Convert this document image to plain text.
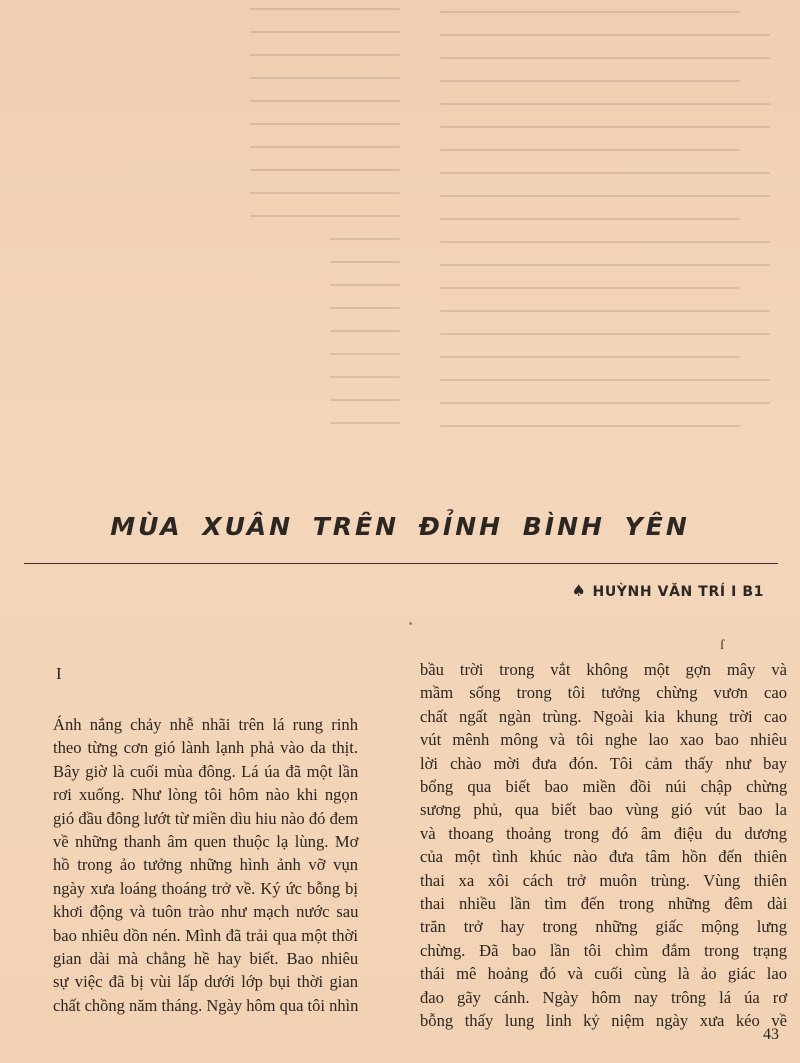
MÙA XUÂN TRÊN ĐỈNH BÌNH YÊN
♠ HUỲNH VĂN TRÍ I B1
ſ
I
Ánh nắng chảy nhễ nhãi trên lá rung rinh
theo từng cơn gió lành lạnh phả vào da thịt.
Bây giờ là cuối mùa đông. Lá úa đã một lần
rơi xuống. Như lòng tôi hôm nào khi ngọn
gió đầu đông lướt từ miền dìu hiu nào đó đem
về những thanh âm quen thuộc lạ lùng. Mơ
hồ trong ảo tưởng những hình ảnh vỡ vụn
ngày xưa loáng thoáng trở về. Ký ức bỗng bị
khơi động và tuôn trào như mạch nước sau
bao nhiêu dồn nén. Mình đã trải qua một thời
gian dài mà chẳng hề hay biết. Bao nhiêu
sự việc đã bị vùi lấp dưới lớp bụi thời gian
chất chồng năm tháng. Ngày hôm qua tôi nhìn
bầu trời trong vắt không một gợn mây và
mầm sống trong tôi tưởng chừng vươn cao
chất ngất ngàn trùng. Ngoài kia khung trời cao
vút mênh mông và tôi nghe lao xao bao nhiêu
lời chào mời đưa đón. Tôi cảm thấy như bay
bổng qua biết bao miền đồi núi chập chừng
sương phủ, qua biết bao vùng gió vút bao la
và thoang thoảng trong đó âm điệu du dương
của một tình khúc nào đưa tâm hồn đến thiên
thai xa xôi cách trở muôn trùng. Vùng thiên
thai nhiều lần tìm đến trong những đêm dài
trăn trở hay trong những giấc mộng lưng
chừng. Đã bao lần tôi chìm đắm trong trạng
thái mê hoảng đó và cuối cùng là ảo giác lao
đao gãy cánh. Ngày hôm nay trông lá úa rơ
bỗng thấy lung linh kỷ niệm ngày xưa kéo về
43
